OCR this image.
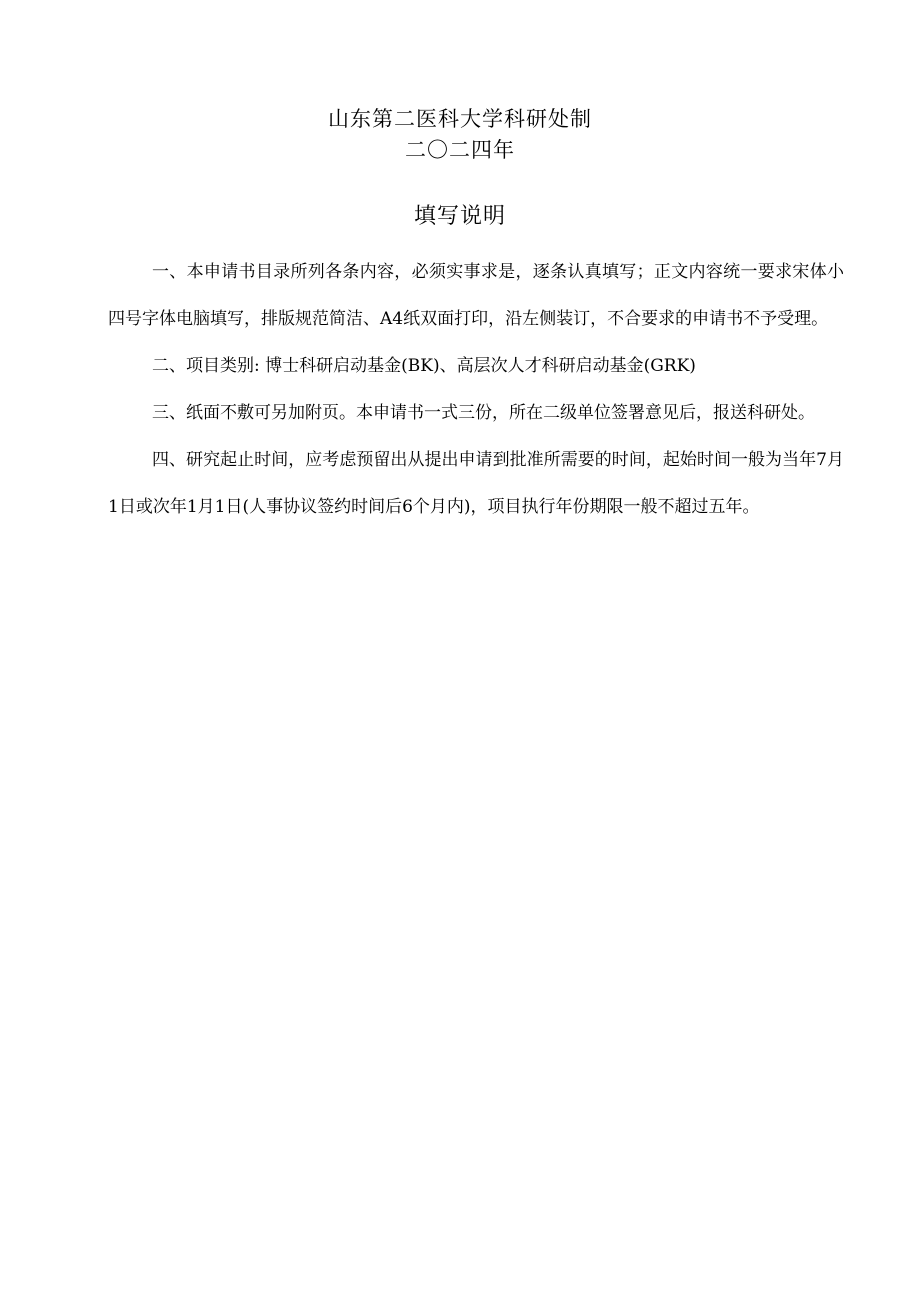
山东第二医科大学科研处制
二〇二四年
填写说明

一、本申请书目录所列各条内容，必须实事求是，逐条认真填写；正文内容统一要求宋体小四号字体电脑填写，排版规范简洁、A4纸双面打印，沿左侧装订，不合要求的申请书不予受理。

二、项目类别: 博士科研启动基金(BK)、高层次人才科研启动基金(GRK)

三、纸面不敷可另加附页。本申请书一式三份，所在二级单位签署意见后，报送科研处。

四、研究起止时间，应考虑预留出从提出申请到批准所需要的时间，起始时间一般为当年7月1日或次年1月1日(人事协议签约时间后6个月内)，项目执行年份期限一般不超过五年。
